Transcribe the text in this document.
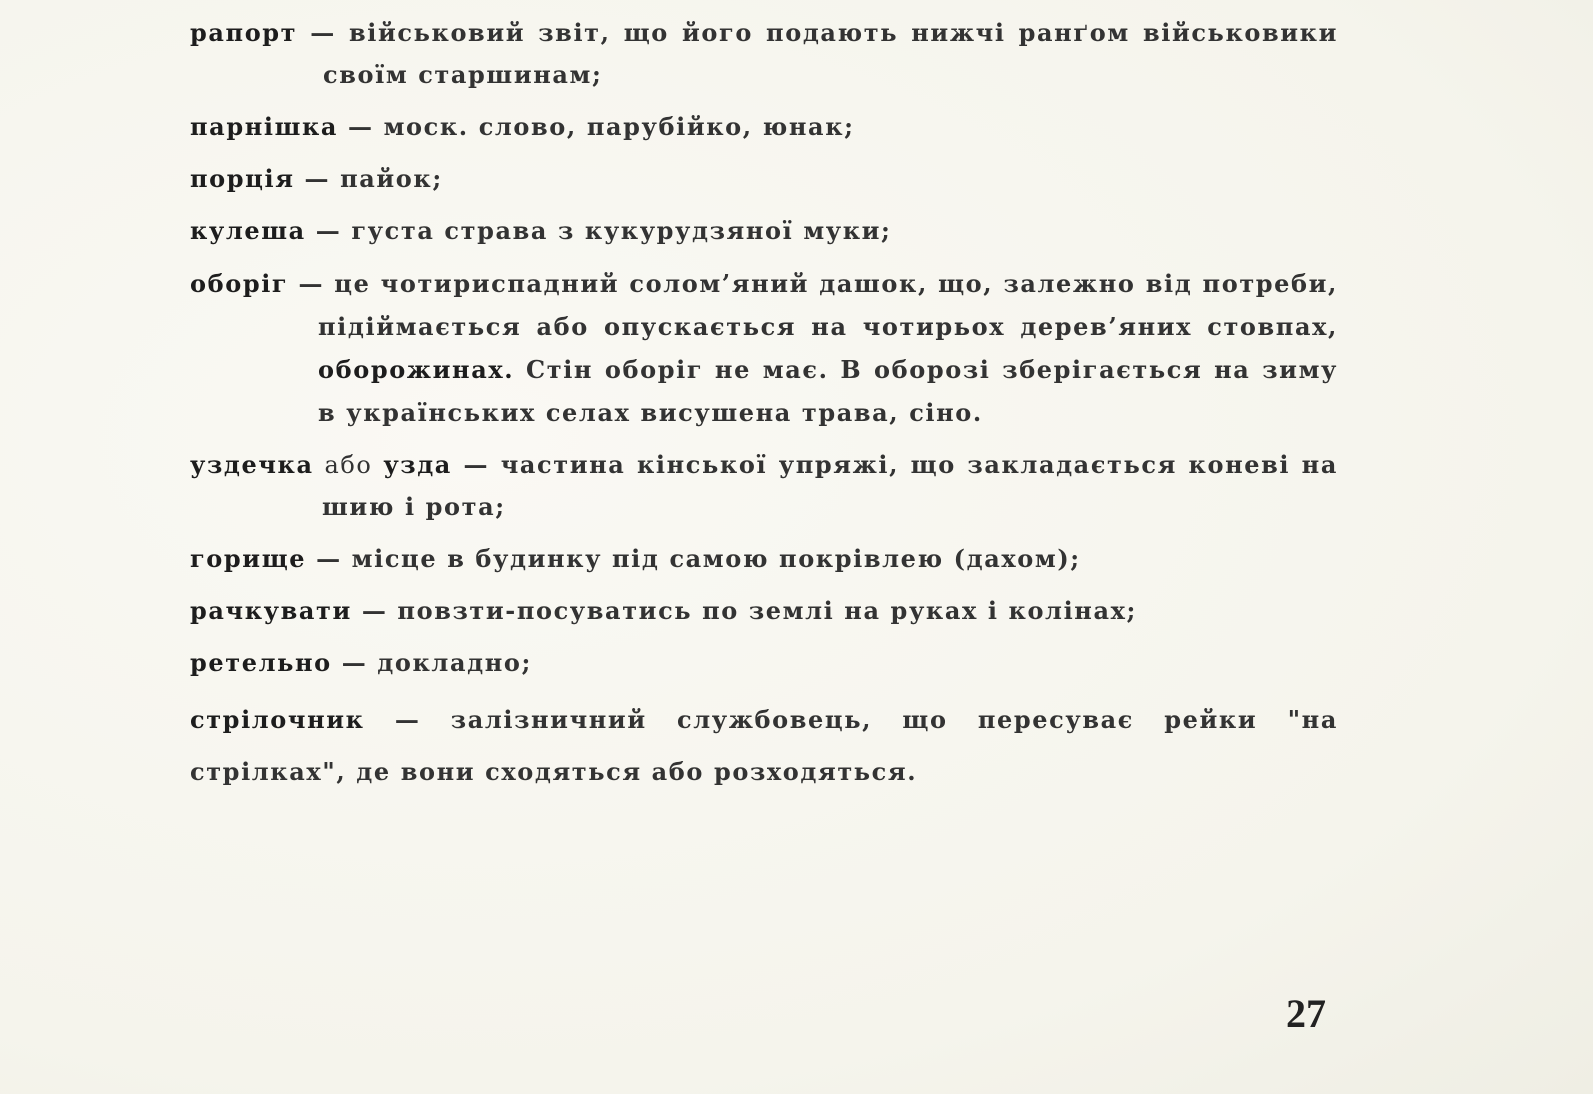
рапорт — військовий звіт, що його подають нижчі ранґом військовики своїм старшинам;

парнішка — моск. слово, парубійко, юнак;

порція — пайок;

кулеша — густа страва з кукурудзяної муки;

оборіг — це чотириспадний солом’яний дашок, що, залежно від потреби, підіймається або опускається на чотирьох дерев’яних стовпах, оборожинах. Стін оборіг не має. В оборозі зберігається на зиму в українських селах висушена трава, сіно.

уздечка або узда — частина кінської упряжі, що закладається коневі на шию і рота;

горище — місце в будинку під самою покрівлею (дахом);

рачкувати — повзти-посуватись по землі на руках і колінах;

ретельно — докладно;

стрілочник — залізничний службовець, що пересуває рейки "на стрілках", де вони сходяться або розходяться.

27
